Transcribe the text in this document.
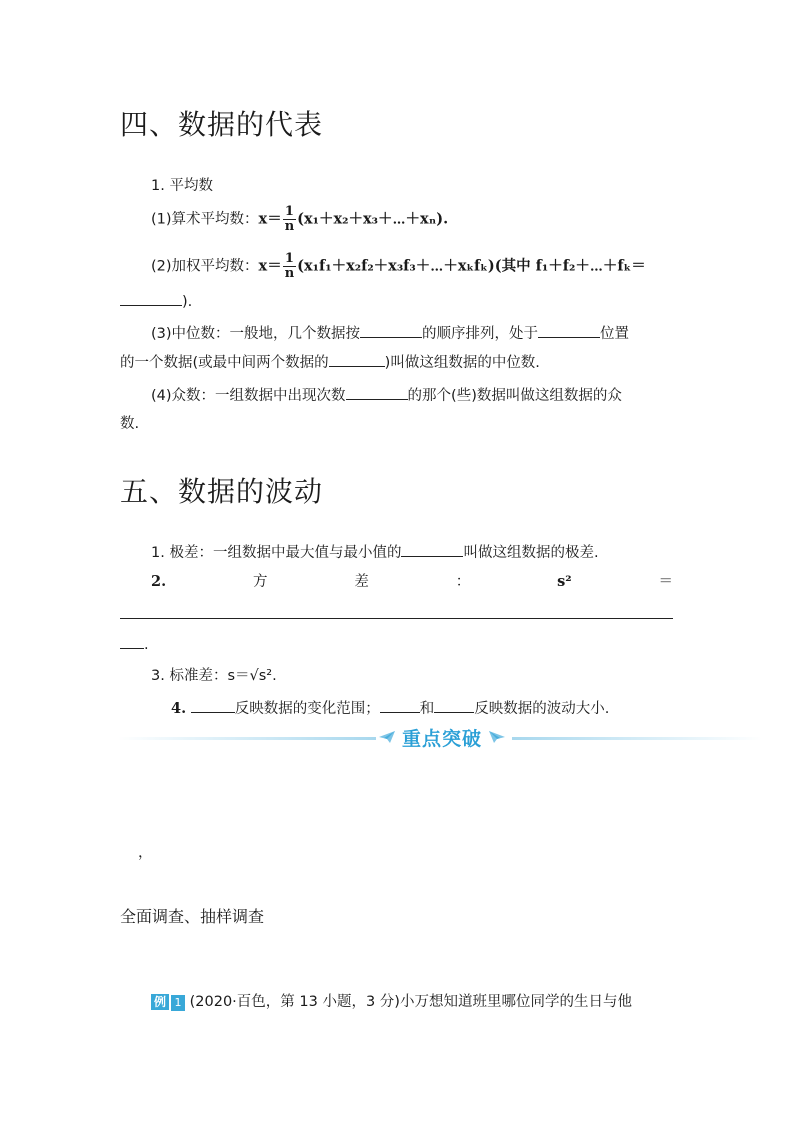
四、数据的代表
1. 平均数
(1)算术平均数：$x= \frac{1}{n}$ (x₁＋x₂＋x₃＋⋯＋xₙ).
(2)加权平均数：$x= \frac{1}{n}$ (x₁f₁＋x₂f₂＋x₃f₃＋⋯＋xₖfₖ)(其中 f₁＋f₂＋⋯＋fₖ＝
).
(3)中位数：一般地，几个数据按	的顺序排列，处于	位置
的一个数据(或最中间两个数据的	)叫做这组数据的中位数.
(4)众数：一组数据中出现次数	的那个(些)数据叫做这组数据的众
数.
五、数据的波动
1. 极差：一组数据中最大值与最小值的	叫做这组数据的极差.
2.	方	差	：	s²	＝
.
3. 标准差：s＝√s².
4.	反映数据的变化范围；	和	反映数据的波动大小.
重点突破
，
全面调查、抽样调查
例 1 (2020·百色，第 13 小题，3 分)小万想知道班里哪位同学的生日与他
